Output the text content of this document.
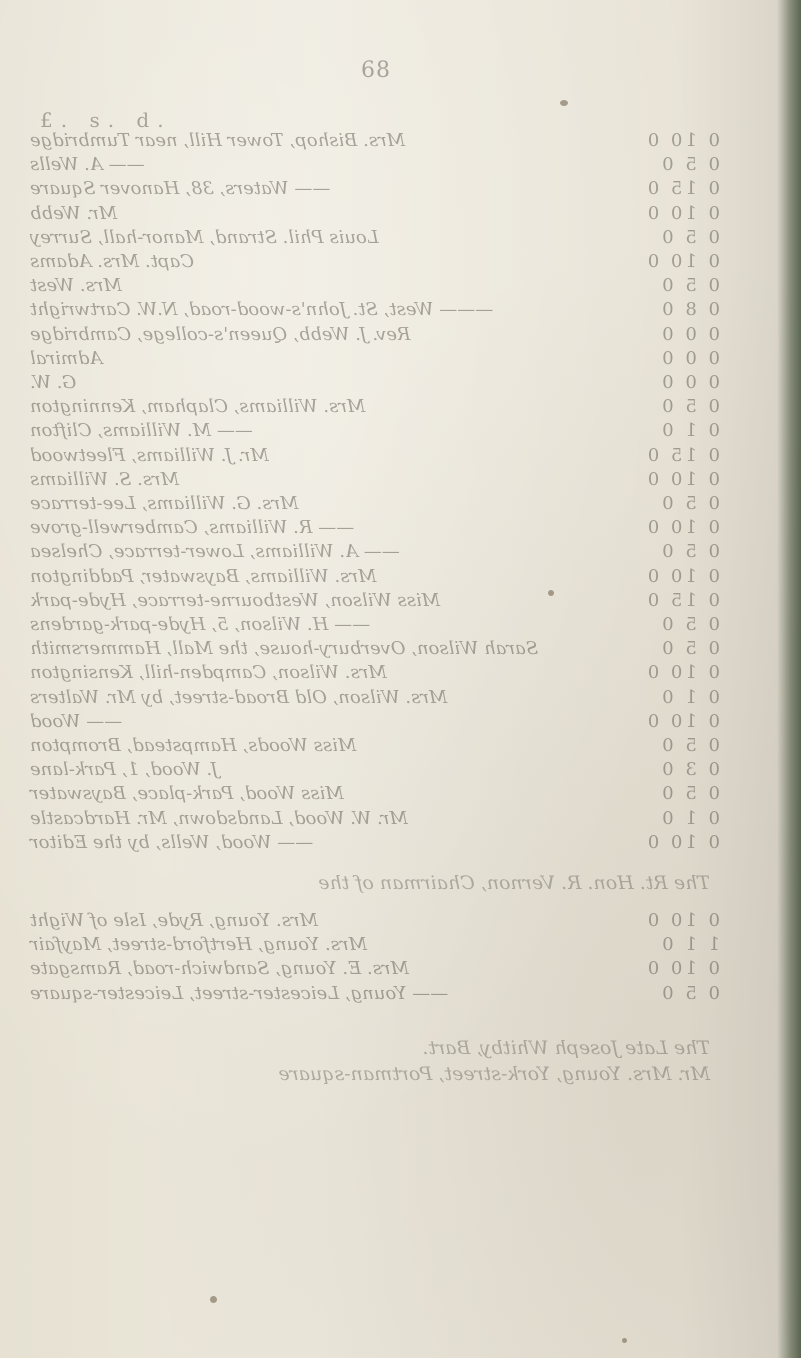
68
£. s. d.
0 10 0
Mrs. Bishop, Tower Hill, near Tumbridge
0 5 0
—— A. Wells
0 15 0
—— Waters, 38, Hanover Square
0 10 0
Mr. Webb
0 5 0
Louis Phil. Strand, Manor-hall, Surrey
0 10 0
Capt. Mrs. Adams
0 5 0
Mrs. West
0 8 0
——— West, St. John's-wood-road, N.W. Cartwright
0 0 0
Rev. J. Webb, Queen's-college, Cambridge
0 0 0
Admiral
0 0 0
G. W.
0 5 0
Mrs. Williams, Clapham, Kennington
0 1 0
—— M. Williams, Clifton
0 15 0
Mr. J. Williams, Fleetwood
0 10 0
Mrs. S. Williams
0 5 0
Mrs. G. Williams, Lee-terrace
0 10 0
—— R. Williams, Camberwell-grove
0 5 0
—— A. Williams, Lower-terrace, Chelsea
0 10 0
Mrs. Williams, Bayswater, Paddington
0 15 0
Miss Wilson, Westbourne-terrace, Hyde-park
0 5 0
—— H. Wilson, 5, Hyde-park-gardens
0 5 0
Sarah Wilson, Overbury-house, the Mall, Hammersmith
0 10 0
Mrs. Wilson, Campden-hill, Kensington
0 1 0
Mrs. Wilson, Old Broad-street, by Mr. Walters
0 10 0
—— Wood
0 5 0
Miss Woods, Hampstead, Brompton
0 3 0
J. Wood, 1, Park-lane
0 5 0
Miss Wood, Park-place, Bayswater
0 1 0
Mr. W. Wood, Landsdown, Mr. Hardcastle
0 10 0
—— Wood, Wells, by the Editor
0 10 0
Mrs. Young, Ryde, Isle of Wight
1 1 0
Mrs. Young, Hertford-street, Mayfair
0 10 0
Mrs. E. Young, Sandwich-road, Ramsgate
0 5 0
—— Young, Leicester-street, Leicester-square
The Rt. Hon. R. Vernon, Chairman of the
The Late Joseph Whitby, Bart.
Mr. Mrs. Young, York-street, Portman-square
